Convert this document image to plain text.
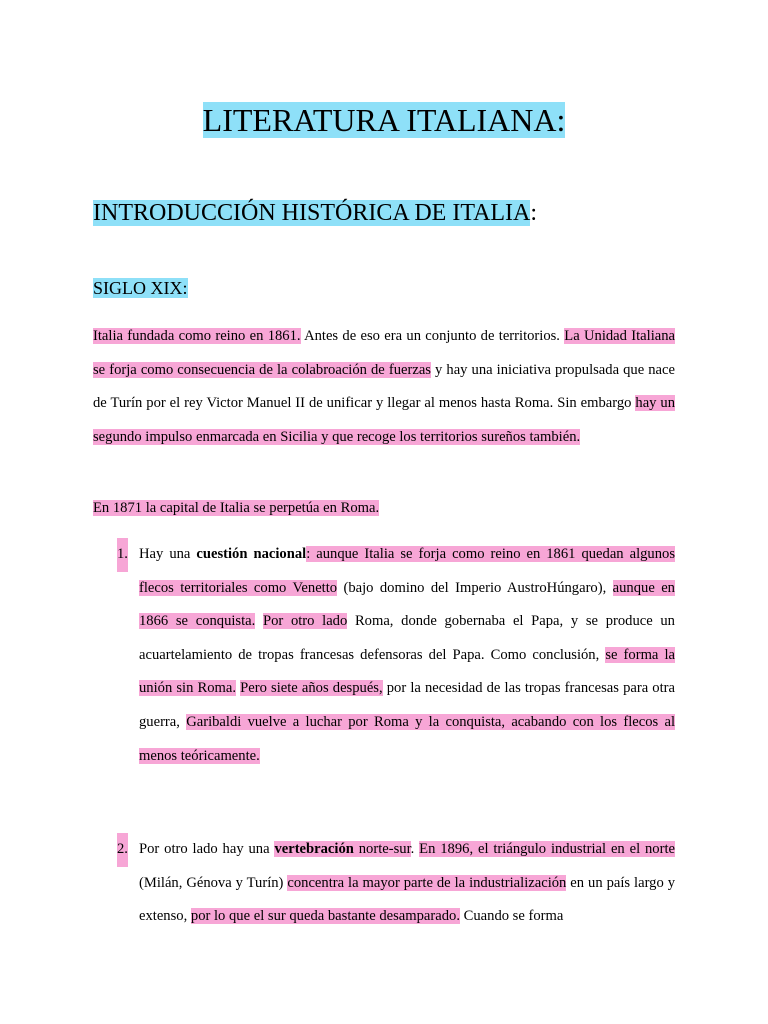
LITERATURA ITALIANA:
INTRODUCCIÓN HISTÓRICA DE ITALIA:
SIGLO XIX:

Italia fundada como reino en 1861. Antes de eso era un conjunto de territorios. La Unidad Italiana se forja como consecuencia de la colabroación de fuerzas y hay una iniciativa propulsada que nace de Turín por el rey Victor Manuel II de unificar y llegar al menos hasta Roma. Sin embargo hay un segundo impulso enmarcada en Sicilia y que recoge los territorios sureños también.

En 1871 la capital de Italia se perpetúa en Roma.

1. Hay una cuestión nacional: aunque Italia se forja como reino en 1861 quedan algunos flecos territoriales como Venetto (bajo domino del Imperio AustroHúngaro), aunque en 1866 se conquista. Por otro lado Roma, donde gobernaba el Papa, y se produce un acuartelamiento de tropas francesas defensoras del Papa. Como conclusión, se forma la unión sin Roma. Pero siete años después, por la necesidad de las tropas francesas para otra guerra, Garibaldi vuelve a luchar por Roma y la conquista, acabando con los flecos al menos teóricamente.
2. Por otro lado hay una vertebración norte-sur. En 1896, el triángulo industrial en el norte (Milán, Génova y Turín) concentra la mayor parte de la industrialización en un país largo y extenso, por lo que el sur queda bastante desamparado. Cuando se forma
